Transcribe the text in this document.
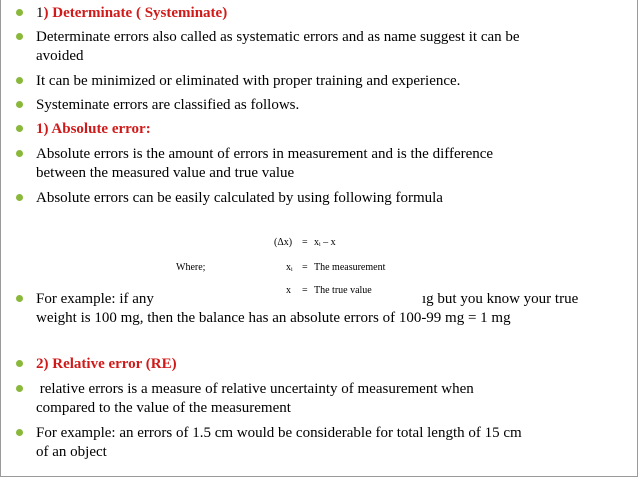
1) Determinate ( Systeminate)
Determinate errors also called as systematic errors and as name suggest it can be
avoided
It can be minimized or eliminated with proper training and experience.
Systeminate errors are classified as follows.
1) Absolute error:
Absolute errors is the amount of errors in measurement and is the difference
between the measured value and true value
Absolute errors can be easily calculated by using following formula
(Δx) = xᵢ – x
Where;	xᵢ = The measurement
x = The true value
For example: if any	ıg but you know your true
weight is 100 mg, then the balance has an absolute errors of 100-99 mg = 1 mg
2) Relative error (RE)
relative errors is a measure of relative uncertainty of measurement when
compared to the value of the measurement
For example: an errors of 1.5 cm would be considerable for total length of 15 cm
of an object
